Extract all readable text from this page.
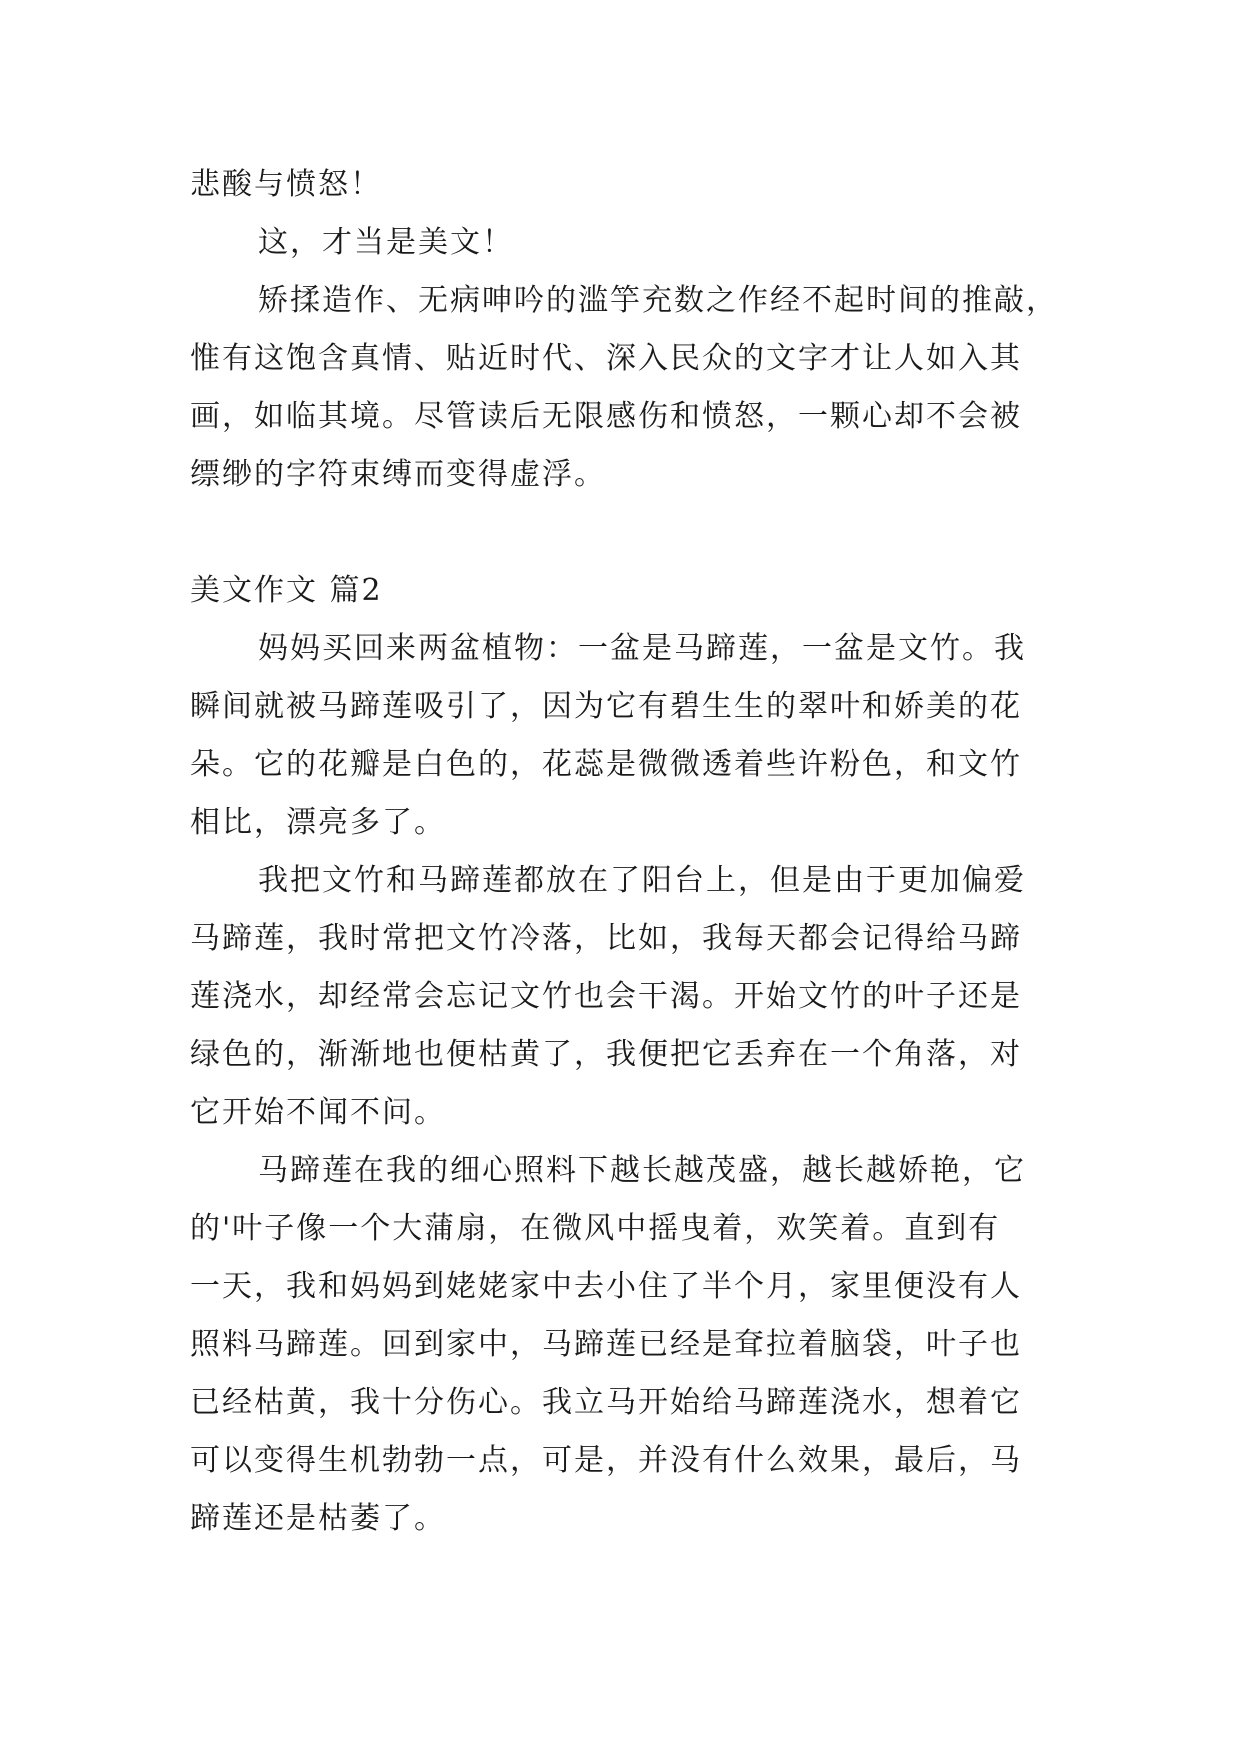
悲酸与愤怒！
这，才当是美文！
矫揉造作、无病呻吟的滥竽充数之作经不起时间的推敲，
惟有这饱含真情、贴近时代、深入民众的文字才让人如入其
画，如临其境。尽管读后无限感伤和愤怒，一颗心却不会被
缥缈的字符束缚而变得虚浮。
美文作文 篇2
妈妈买回来两盆植物：一盆是马蹄莲，一盆是文竹。我
瞬间就被马蹄莲吸引了，因为它有碧生生的翠叶和娇美的花
朵。它的花瓣是白色的，花蕊是微微透着些许粉色，和文竹
相比，漂亮多了。
我把文竹和马蹄莲都放在了阳台上，但是由于更加偏爱
马蹄莲，我时常把文竹冷落，比如，我每天都会记得给马蹄
莲浇水，却经常会忘记文竹也会干渴。开始文竹的叶子还是
绿色的，渐渐地也便枯黄了，我便把它丢弃在一个角落，对
它开始不闻不问。
马蹄莲在我的细心照料下越长越茂盛，越长越娇艳，它
的'叶子像一个大蒲扇，在微风中摇曳着，欢笑着。直到有
一天，我和妈妈到姥姥家中去小住了半个月，家里便没有人
照料马蹄莲。回到家中，马蹄莲已经是耷拉着脑袋，叶子也
已经枯黄，我十分伤心。我立马开始给马蹄莲浇水，想着它
可以变得生机勃勃一点，可是，并没有什么效果，最后，马
蹄莲还是枯萎了。
